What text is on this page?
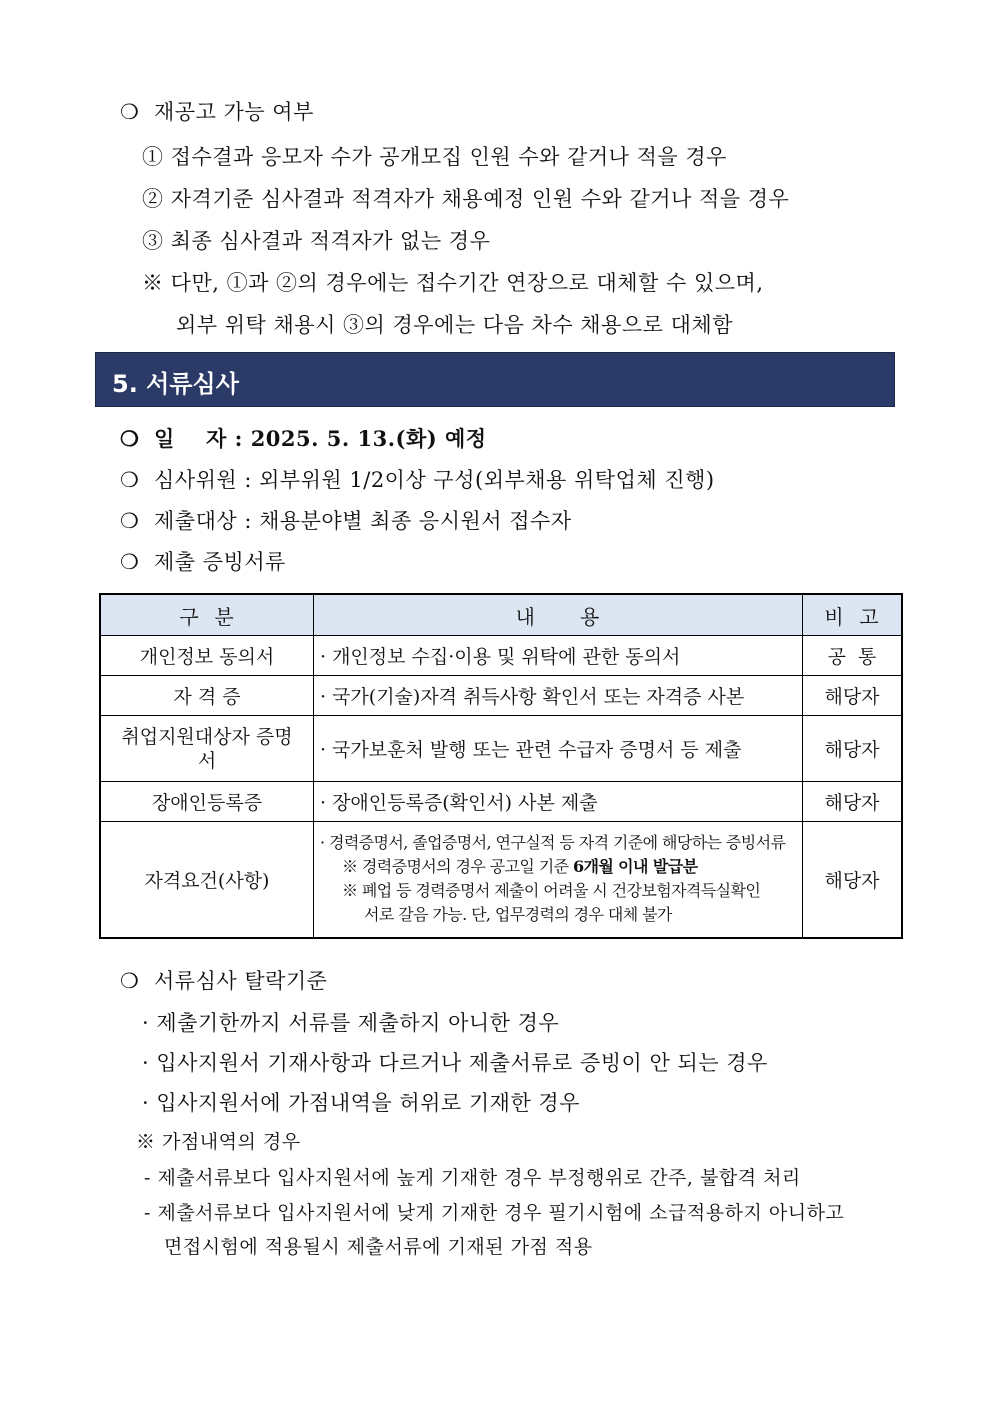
❍ 재공고 가능 여부
① 접수결과 응모자 수가 공개모집 인원 수와 같거나 적을 경우
② 자격기준 심사결과 적격자가 채용예정 인원 수와 같거나 적을 경우
③ 최종 심사결과 적격자가 없는 경우
※ 다만, ①과 ②의 경우에는 접수기간 연장으로 대체할 수 있으며,
외부 위탁 채용시 ③의 경우에는 다음 차수 채용으로 대체함
5. 서류심사
❍ 일    자 : 2025. 5. 13.(화) 예정
❍ 심사위원 : 외부위원 1/2이상 구성(외부채용 위탁업체 진행)
❍ 제출대상 : 채용분야별 최종 응시원서 접수자
❍ 제출 증빙서류
구  분	내      용	비  고
개인정보 동의서	· 개인정보 수집·이용 및 위탁에 관한 동의서	공  통
자 격 증	· 국가(기술)자격 취득사항 확인서 또는 자격증 사본	해당자
취업지원대상자 증명서	· 국가보훈처 발행 또는 관련 수급자 증명서 등 제출	해당자
장애인등록증	· 장애인등록증(확인서) 사본 제출	해당자
자격요건(사항)	· 경력증명서, 졸업증명서, 연구실적 등 자격 기준에 해당하는 증빙서류
※ 경력증명서의 경우 공고일 기준 6개월 이내 발급분
※ 폐업 등 경력증명서 제출이 어려울 시 건강보험자격득실확인
서로 갈음 가능. 단, 업무경력의 경우 대체 불가	해당자
❍ 서류심사 탈락기준
· 제출기한까지 서류를 제출하지 아니한 경우
· 입사지원서 기재사항과 다르거나 제출서류로 증빙이 안 되는 경우
· 입사지원서에 가점내역을 허위로 기재한 경우
※ 가점내역의 경우
- 제출서류보다 입사지원서에 높게 기재한 경우 부정행위로 간주, 불합격 처리
- 제출서류보다 입사지원서에 낮게 기재한 경우 필기시험에 소급적용하지 아니하고
면접시험에 적용될시 제출서류에 기재된 가점 적용
